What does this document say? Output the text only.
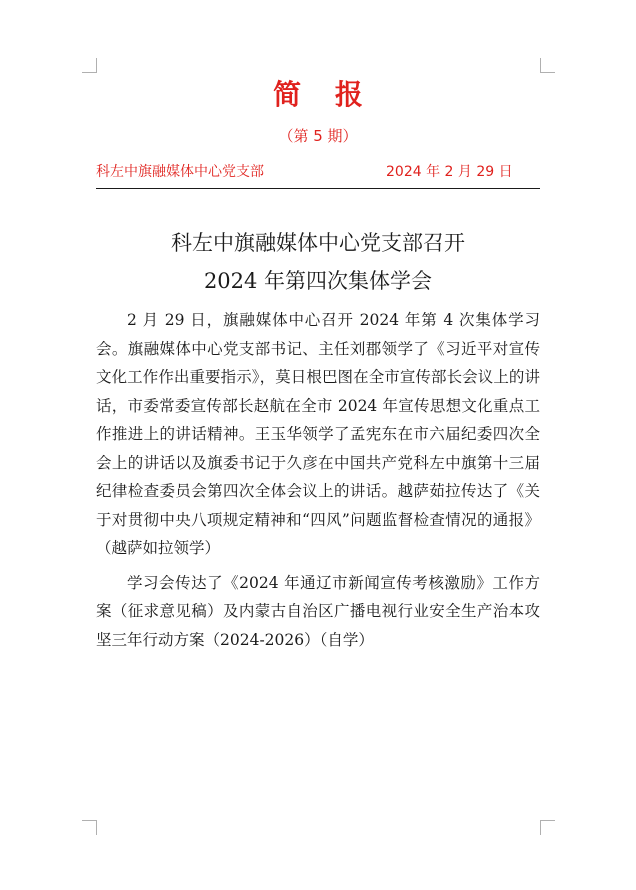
简 报
（第 5 期）
科左中旗融媒体中心党支部	2024 年 2 月 29 日
科左中旗融媒体中心党支部召开
2024 年第四次集体学会

2 月 29 日，旗融媒体中心召开 2024 年第 4 次集体学习会。旗融媒体中心党支部书记、主任刘郡领学了《习近平对宣传文化工作作出重要指示》，莫日根巴图在全市宣传部长会议上的讲话，市委常委宣传部长赵航在全市 2024 年宣传思想文化重点工作推进上的讲话精神。王玉华领学了孟宪东在市六届纪委四次全会上的讲话以及旗委书记于久彦在中国共产党科左中旗第十三届纪律检查委员会第四次全体会议上的讲话。越萨茹拉传达了《关于对贯彻中央八项规定精神和“四风”问题监督检查情况的通报》（越萨如拉领学）

学习会传达了《2024 年通辽市新闻宣传考核激励》工作方案（征求意见稿）及内蒙古自治区广播电视行业安全生产治本攻坚三年行动方案（2024-2026）（自学）
